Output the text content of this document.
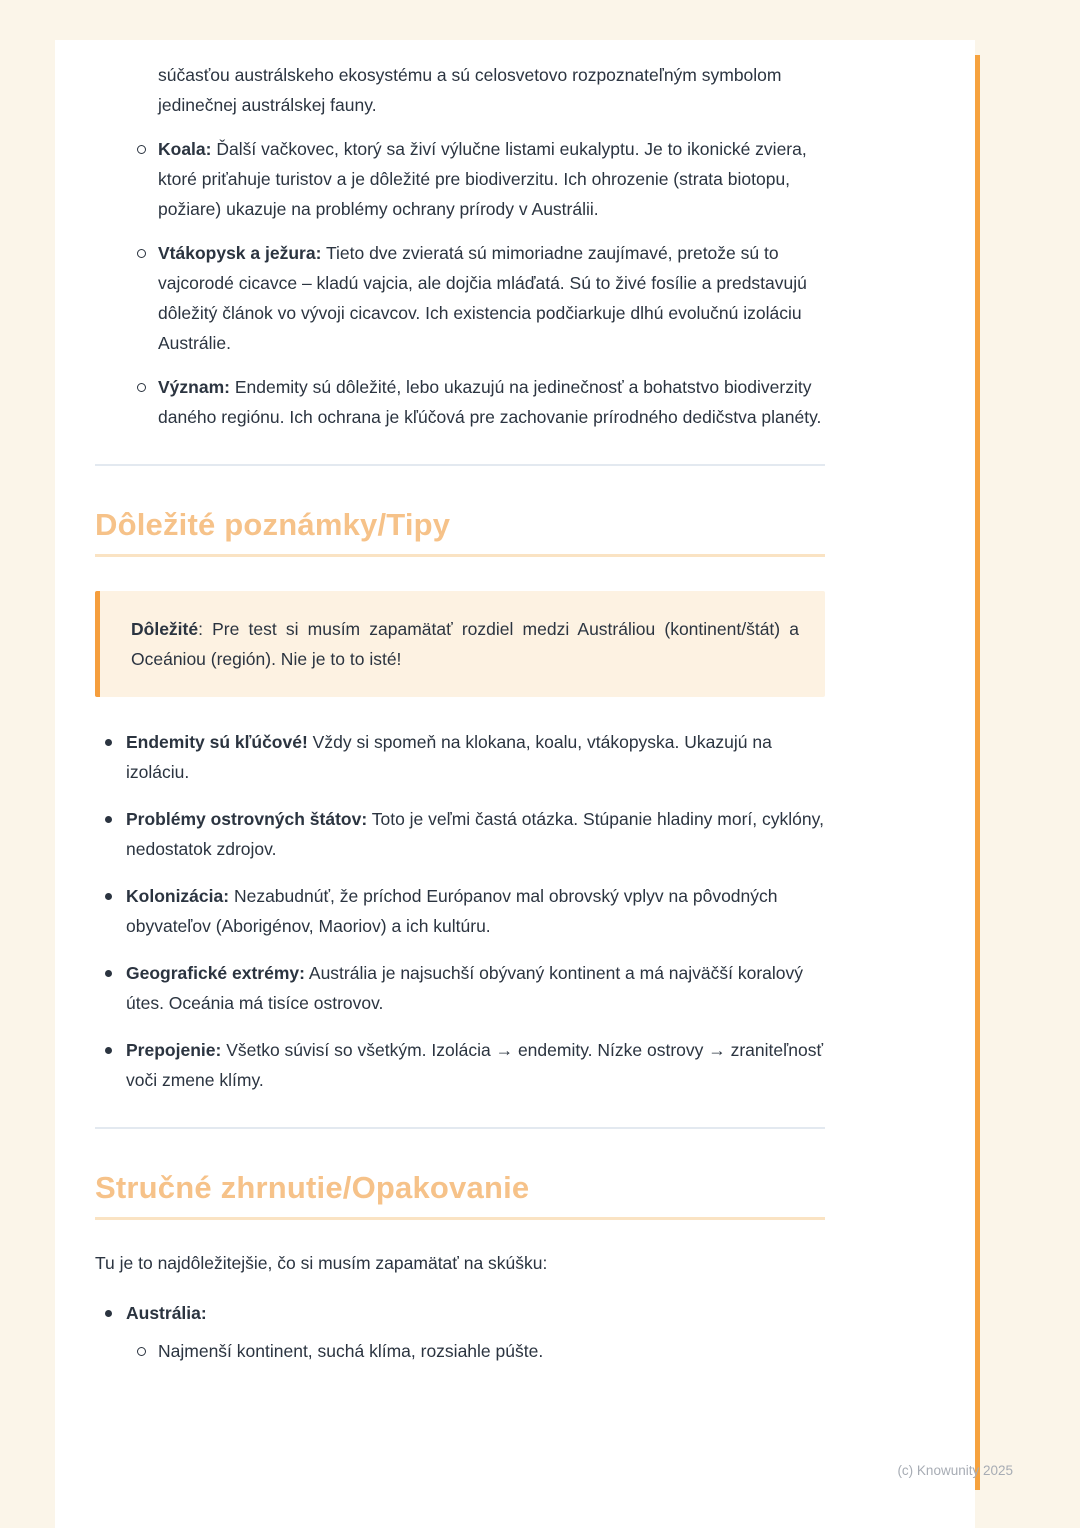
súčasťou austrálskeho ekosystému a sú celosvetovo rozpoznateľným symbolom jedinečnej austrálskej fauny.

Koala: Ďalší vačkovec, ktorý sa živí výlučne listami eukalyptu. Je to ikonické zviera, ktoré priťahuje turistov a je dôležité pre biodiverzitu. Ich ohrozenie (strata biotopu, požiare) ukazuje na problémy ochrany prírody v Austrálii.
Vtákopysk a ježura: Tieto dve zvieratá sú mimoriadne zaujímavé, pretože sú to vajcorodé cicavce – kladú vajcia, ale dojčia mláďatá. Sú to živé fosílie a predstavujú dôležitý článok vo vývoji cicavcov. Ich existencia podčiarkuje dlhú evolučnú izoláciu Austrálie.
Význam: Endemity sú dôležité, lebo ukazujú na jedinečnosť a bohatstvo biodiverzity daného regiónu. Ich ochrana je kľúčová pre zachovanie prírodného dedičstva planéty.
Dôležité poznámky/Tipy
Dôležité: Pre test si musím zapamätať rozdiel medzi Austráliou (kontinent/štát) a Oceániou (región). Nie je to to isté!
Endemity sú kľúčové! Vždy si spomeň na klokana, koalu, vtákopyska. Ukazujú na izoláciu.
Problémy ostrovných štátov: Toto je veľmi častá otázka. Stúpanie hladiny morí, cyklóny, nedostatok zdrojov.
Kolonizácia: Nezabudnúť, že príchod Európanov mal obrovský vplyv na pôvodných obyvateľov (Aborigénov, Maoriov) a ich kultúru.
Geografické extrémy: Austrália je najsuchší obývaný kontinent a má najväčší koralový útes. Oceánia má tisíce ostrovov.
Prepojenie: Všetko súvisí so všetkým. Izolácia → endemity. Nízke ostrovy → zraniteľnosť voči zmene klímy.
Stručné zhrnutie/Opakovanie

Tu je to najdôležitejšie, čo si musím zapamätať na skúšku:

Austrália:
Najmenší kontinent, suchá klíma, rozsiahle púšte.
(c) Knowunity 2025
